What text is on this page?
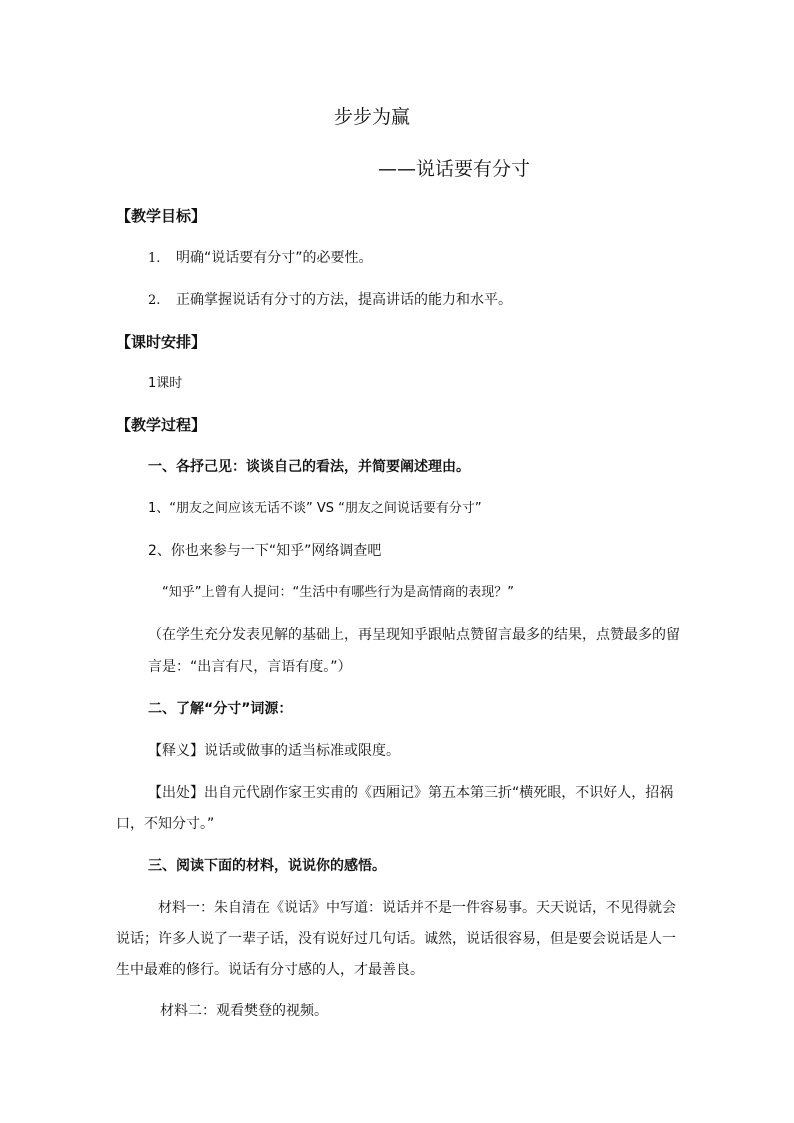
步步为赢
——说话要有分寸
【教学目标】
1. 明确“说话要有分寸”的必要性。
2. 正确掌握说话有分寸的方法，提高讲话的能力和水平。
【课时安排】
1课时
【教学过程】
一、各抒己见：谈谈自己的看法，并简要阐述理由。
1、“朋友之间应该无话不谈” VS “朋友之间说话要有分寸”
2、你也来参与一下“知乎”网络调查吧
“知乎”上曾有人提问：“生活中有哪些行为是高情商的表现？”
（在学生充分发表见解的基础上，再呈现知乎跟帖点赞留言最多的结果，点赞最多的留
言是：“出言有尺，言语有度。”）
二、了解“分寸”词源：
【释义】说话或做事的适当标准或限度。
【出处】出自元代剧作家王实甫的《西厢记》第五本第三折“横死眼，不识好人，招祸
口，不知分寸。”
三、阅读下面的材料，说说你的感悟。
材料一：朱自清在《说话》中写道：说话并不是一件容易事。天天说话，不见得就会
说话；许多人说了一辈子话，没有说好过几句话。诚然，说话很容易，但是要会说话是人一
生中最难的修行。说话有分寸感的人，才最善良。
材料二：观看樊登的视频。
